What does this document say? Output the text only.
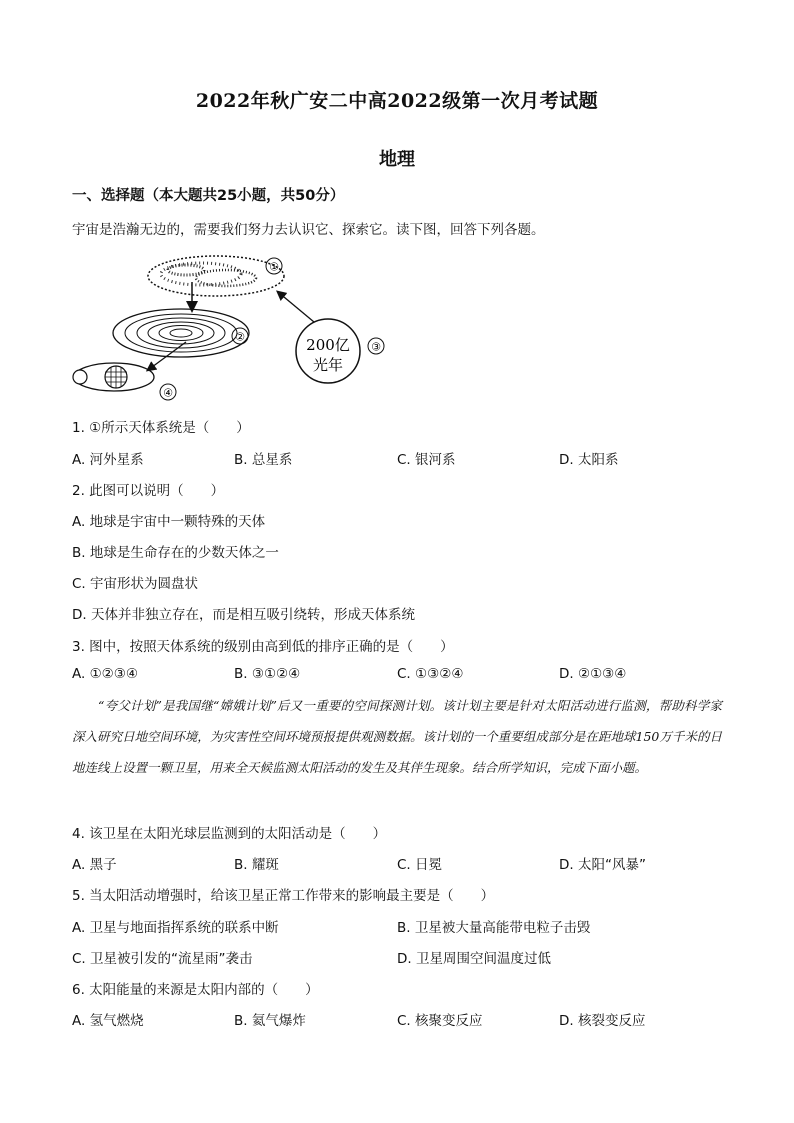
2022年秋广安二中高2022级第一次月考试题
地理
一、选择题（本大题共25小题，共50分）
宇宙是浩瀚无边的，需要我们努力去认识它、探索它。读下图，回答下列各题。
①
②
④
200亿
光年
③
1. ①所示天体系统是（　　）
A. 河外星系	B. 总星系	C. 银河系	D. 太阳系
2. 此图可以说明（　　）
A. 地球是宇宙中一颗特殊的天体
B. 地球是生命存在的少数天体之一
C. 宇宙形状为圆盘状
D. 天体并非独立存在，而是相互吸引绕转，形成天体系统
3. 图中，按照天体系统的级别由高到低的排序正确的是（　　）
A. ①②③④	B. ③①②④	C. ①③②④	D. ②①③④
“夸父计划”是我国继“嫦娥计划”后又一重要的空间探测计划。该计划主要是针对太阳活动进行监测，帮助科学家深入研究日地空间环境，为灾害性空间环境预报提供观测数据。该计划的一个重要组成部分是在距地球150万千米的日地连线上设置一颗卫星，用来全天候监测太阳活动的发生及其伴生现象。结合所学知识，完成下面小题。
4. 该卫星在太阳光球层监测到的太阳活动是（　　）
A. 黑子	B. 耀斑	C. 日冕	D. 太阳“风暴”
5. 当太阳活动增强时，给该卫星正常工作带来的影响最主要是（　　）
A. 卫星与地面指挥系统的联系中断	B. 卫星被大量高能带电粒子击毁
C. 卫星被引发的“流星雨”袭击	D. 卫星周围空间温度过低
6. 太阳能量的来源是太阳内部的（　　）
A. 氢气燃烧	B. 氦气爆炸	C. 核聚变反应	D. 核裂变反应
